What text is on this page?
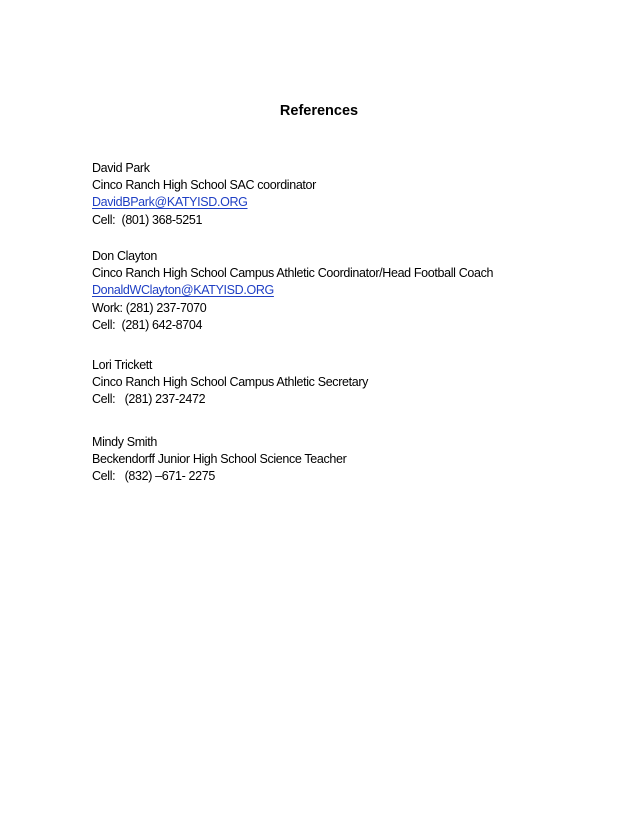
References
David Park
Cinco Ranch High School SAC coordinator
DavidBPark@KATYISD.ORG
Cell:  (801) 368-5251
Don Clayton
Cinco Ranch High School Campus Athletic Coordinator/Head Football Coach
DonaldWClayton@KATYISD.ORG
Work: (281) 237-7070
Cell:  (281) 642-8704
Lori Trickett
Cinco Ranch High School Campus Athletic Secretary
Cell:   (281) 237-2472
Mindy Smith
Beckendorff Junior High School Science Teacher
Cell:   (832) –671- 2275
